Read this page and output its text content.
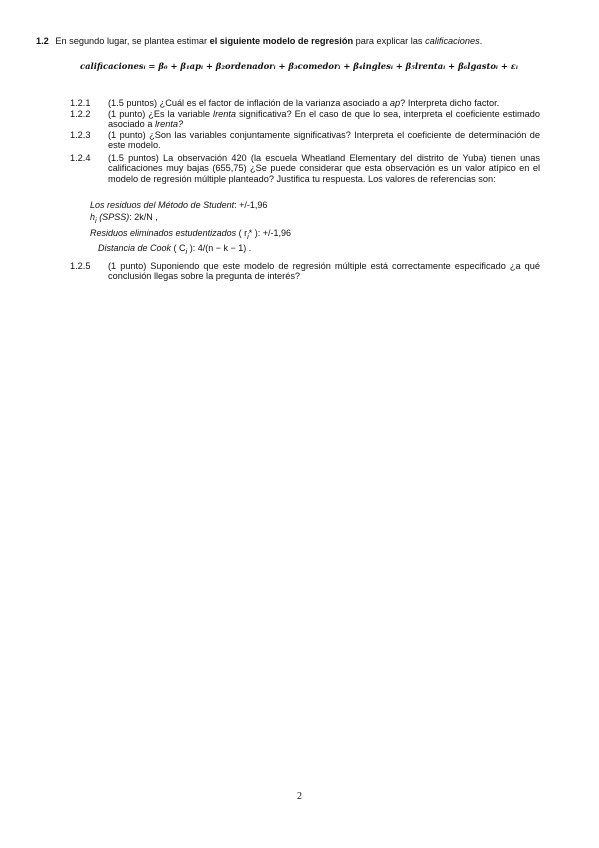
1.2 En segundo lugar, se plantea estimar el siguiente modelo de regresión para explicar las calificaciones.
calificacionesᵢ = β₀ + β₁apᵢ + β₂ordenadorᵢ + β₃comedorᵢ + β₄inglesᵢ + β₅lrentaᵢ + β₆lgastoᵢ + εᵢ
1.2.1	(1.5 puntos) ¿Cuál es el factor de inflación de la varianza asociado a ap? Interpreta dicho factor.
1.2.2	(1 punto) ¿Es la variable lrenta significativa? En el caso de que lo sea, interpreta el coeficiente estimado asociado a lrenta?
1.2.3	(1 punto) ¿Son las variables conjuntamente significativas? Interpreta el coeficiente de determinación de este modelo.
1.2.4	(1.5 puntos) La observación 420 (la escuela Wheatland Elementary del distrito de Yuba) tienen unas calificaciones muy bajas (655,75) ¿Se puede considerar que esta observación es un valor atípico en el modelo de regresión múltiple planteado? Justifica tu respuesta. Los valores de referencias son:
Los residuos del Método de Student: +/-1,96
$h_i$ (SPSS): 2k/N ,
Residuos eliminados estudentizados ( $r_i*$ ): +/-1,96
Distancia de Cook ( $C_i$ ): 4/(n − k − 1) .
1.2.5	(1 punto) Suponiendo que este modelo de regresión múltiple está correctamente especificado ¿a qué conclusión llegas sobre la pregunta de interés?
2
